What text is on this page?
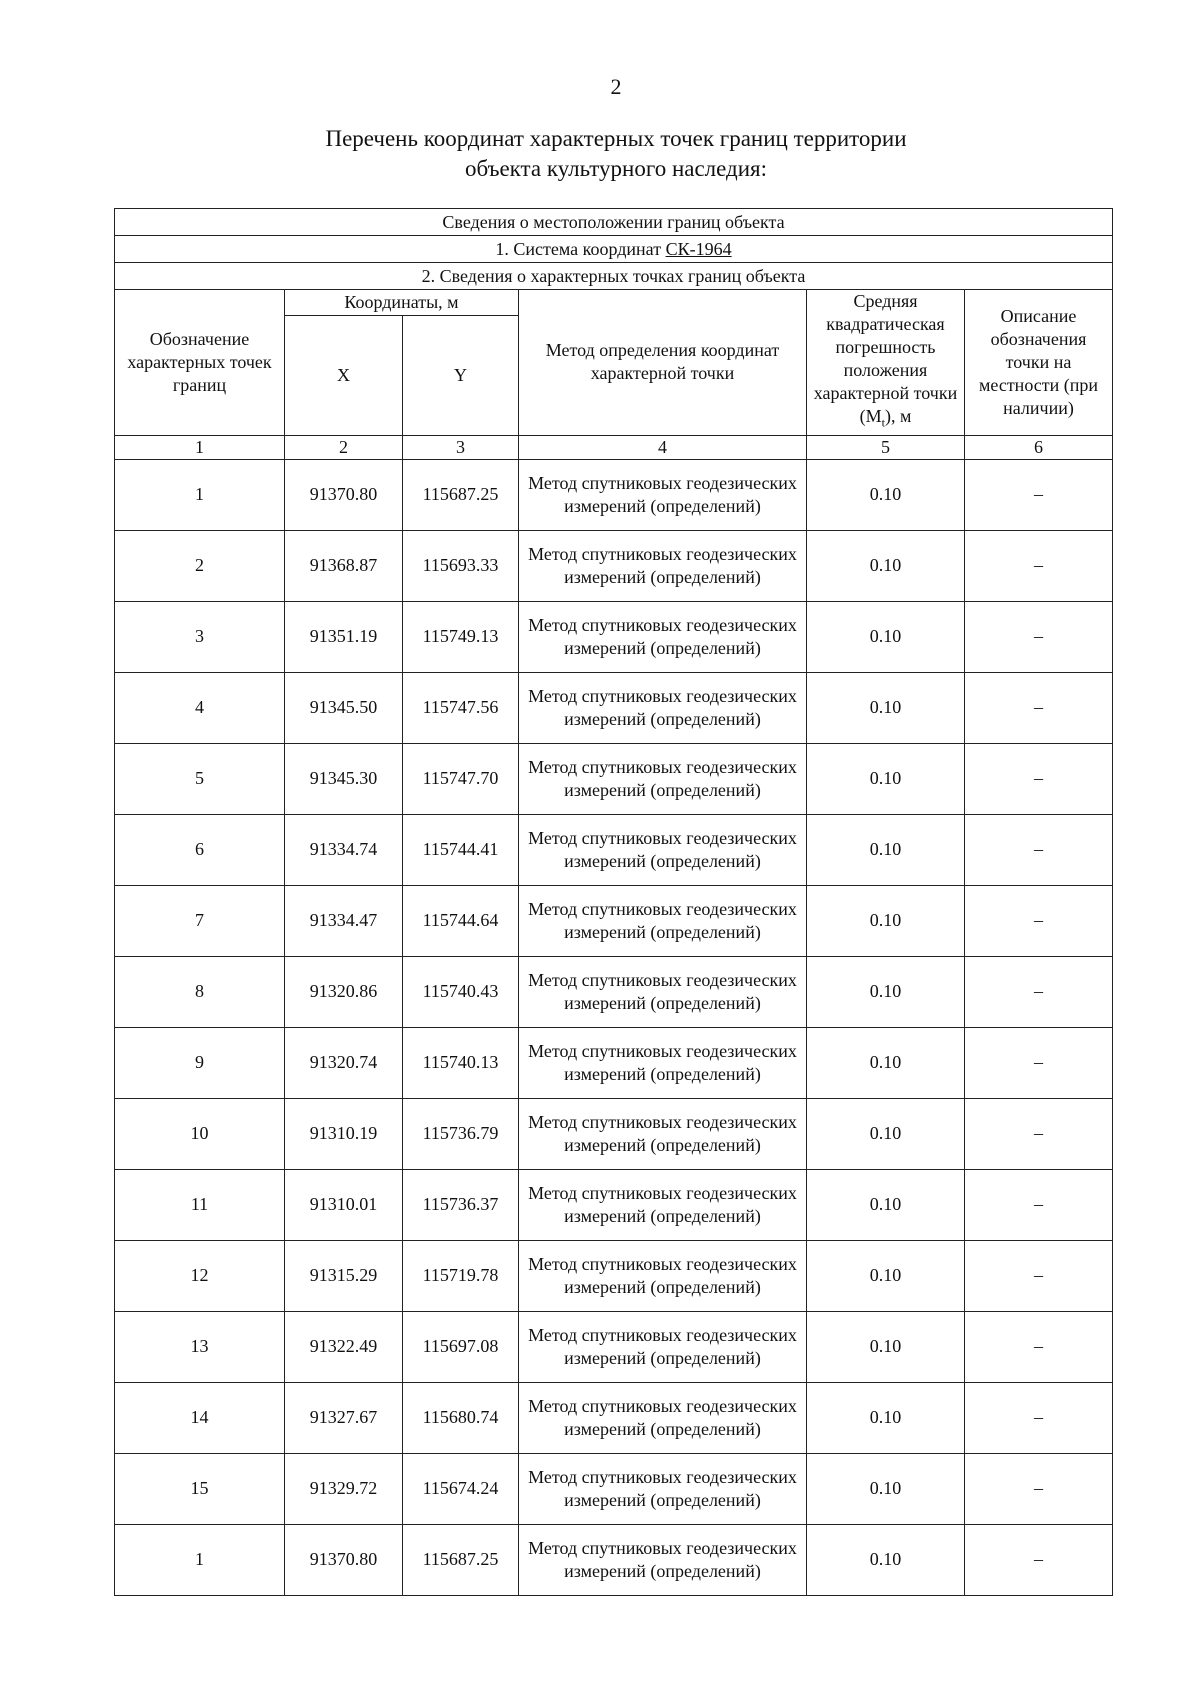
2
Перечень координат характерных точек границ территории
объекта культурного наследия:
Сведения о местоположении границ объекта					
1. Система координат СК-1964					
2. Сведения о характерных точках границ объекта					
Обозначение характерных точек границ	Координаты, м		Метод определения координат характерной точки	Средняя квадратическая погрешность положения характерной точки $(M_t)$, м	Описание обозначения точки на местности (при наличии)
	X	Y			
1	2	3	4	5	6
1	91370.80	115687.25	Метод спутниковых геодезических измерений (определений)	0.10	–
2	91368.87	115693.33	Метод спутниковых геодезических измерений (определений)	0.10	–
3	91351.19	115749.13	Метод спутниковых геодезических измерений (определений)	0.10	–
4	91345.50	115747.56	Метод спутниковых геодезических измерений (определений)	0.10	–
5	91345.30	115747.70	Метод спутниковых геодезических измерений (определений)	0.10	–
6	91334.74	115744.41	Метод спутниковых геодезических измерений (определений)	0.10	–
7	91334.47	115744.64	Метод спутниковых геодезических измерений (определений)	0.10	–
8	91320.86	115740.43	Метод спутниковых геодезических измерений (определений)	0.10	–
9	91320.74	115740.13	Метод спутниковых геодезических измерений (определений)	0.10	–
10	91310.19	115736.79	Метод спутниковых геодезических измерений (определений)	0.10	–
11	91310.01	115736.37	Метод спутниковых геодезических измерений (определений)	0.10	–
12	91315.29	115719.78	Метод спутниковых геодезических измерений (определений)	0.10	–
13	91322.49	115697.08	Метод спутниковых геодезических измерений (определений)	0.10	–
14	91327.67	115680.74	Метод спутниковых геодезических измерений (определений)	0.10	–
15	91329.72	115674.24	Метод спутниковых геодезических измерений (определений)	0.10	–
1	91370.80	115687.25	Метод спутниковых геодезических измерений (определений)	0.10	–
